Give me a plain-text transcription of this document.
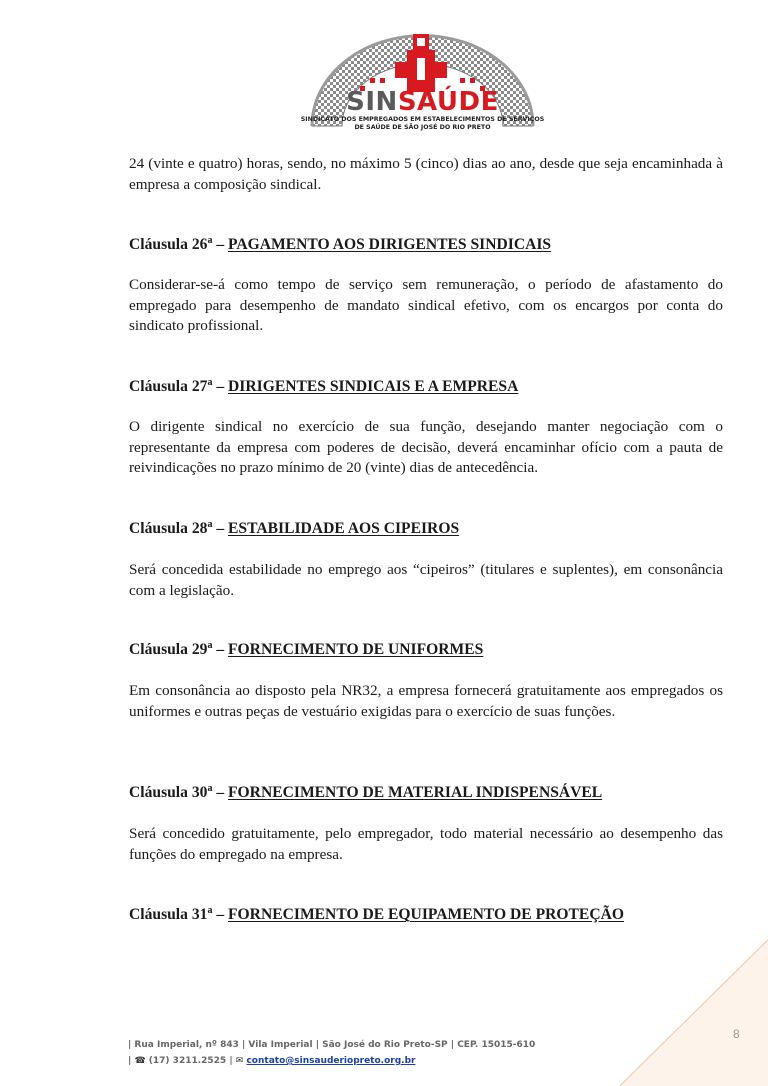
SINSAÚDE
SINDICATO DOS EMPREGADOS EM ESTABELECIMENTOS DE SERVIÇOS
DE SAÚDE DE SÃO JOSÉ DO RIO PRETO

24 (vinte e quatro) horas, sendo, no máximo 5 (cinco) dias ao ano, desde que seja encaminhada à empresa a composição sindical.

Cláusula 26$^a$ – PAGAMENTO AOS DIRIGENTES SINDICAIS

Considerar-se-á como tempo de serviço sem remuneração, o período de afastamento do empregado para desempenho de mandato sindical efetivo, com os encargos por conta do sindicato profissional.

Cláusula 27$^a$ – DIRIGENTES SINDICAIS E A EMPRESA

O dirigente sindical no exercício de sua função, desejando manter negociação com o representante da empresa com poderes de decisão, deverá encaminhar ofício com a pauta de reivindicações no prazo mínimo de 20 (vinte) dias de antecedência.

Cláusula 28$^a$ – ESTABILIDADE AOS CIPEIROS

Será concedida estabilidade no emprego aos “cipeiros” (titulares e suplentes), em consonância com a legislação.

Cláusula 29$^a$ – FORNECIMENTO DE UNIFORMES

Em consonância ao disposto pela NR32, a empresa fornecerá gratuitamente aos empregados os uniformes e outras peças de vestuário exigidas para o exercício de suas funções.

Cláusula 30$^a$ – FORNECIMENTO DE MATERIAL INDISPENSÁVEL

Será concedido gratuitamente, pelo empregador, todo material necessário ao desempenho das funções do empregado na empresa.

Cláusula 31$^a$ – FORNECIMENTO DE EQUIPAMENTO DE PROTEÇÃO
8
| Rua Imperial, nº 843 | Vila Imperial | São José do Rio Preto-SP | CEP. 15015-610
| ☎ (17) 3211.2525 | ✉ contato@sinsauderiopreto.org.br
